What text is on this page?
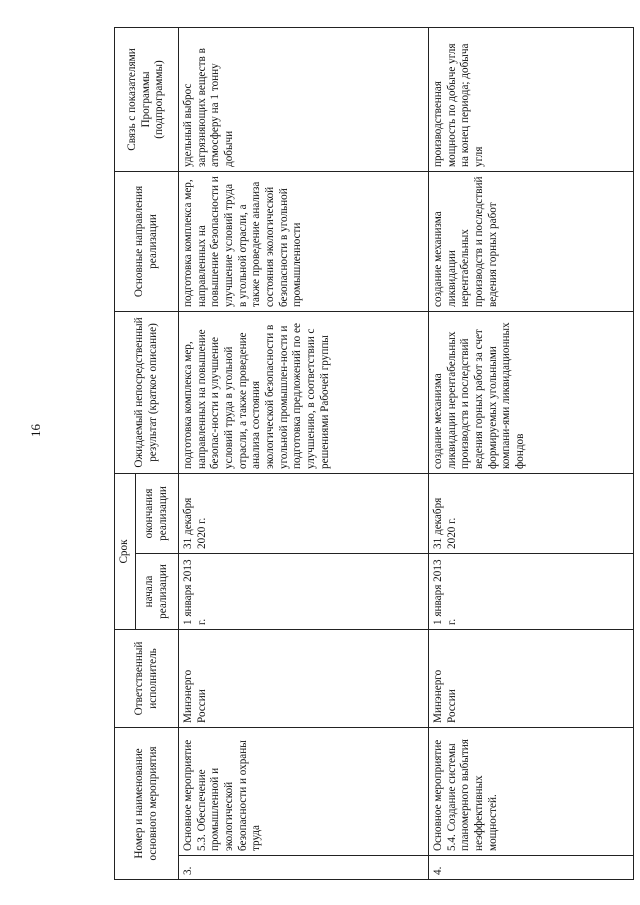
16
Номер и наименование основного мероприятия		Ответственный исполнитель	Срок		Ожидаемый непосредственный результат (краткое описание)	Основные направления реализации	Связь с показателями Программы (подпрограммы)
			начала реализации	окончания реализации			
3.	Основное мероприятие 5.3. Обеспечение промышленной и экологической безопасности и охраны труда	Минэнерго России	1 января 2013 г.	31 декабря 2020 г.	подготовка комплекса мер, направленных на повышение безопас-ности и улучшение условий труда в угольной отрасли, а также проведение анализа состояния экологической безопасности в угольной промышлен-ности и подготовка предложений по ее улучшению, в соответствии с решениями Рабочей группы	подготовка комплекса мер, направленных на повышение безопасности и улучшение условий труда в угольной отрасли, а также проведение анализа состояния экологической безопасности в угольной промышленности	удельный выброс загрязняющих веществ в атмосферу на 1 тонну добычи
4.	Основное мероприятие 5.4. Создание системы планомерного выбытия неэффективных мощностей.	Минэнерго России	1 января 2013 г.	31 декабря 2020 г.	создание механизма ликвидации нерентабельных производств и последствий ведения горных работ за счет формируемых угольными компани-ями ликвидационных фондов	создание механизма ликвидации нерентабельных производств и последствий ведения горных работ	производственная мощность по добыче угля на конец периода; добыча угля
